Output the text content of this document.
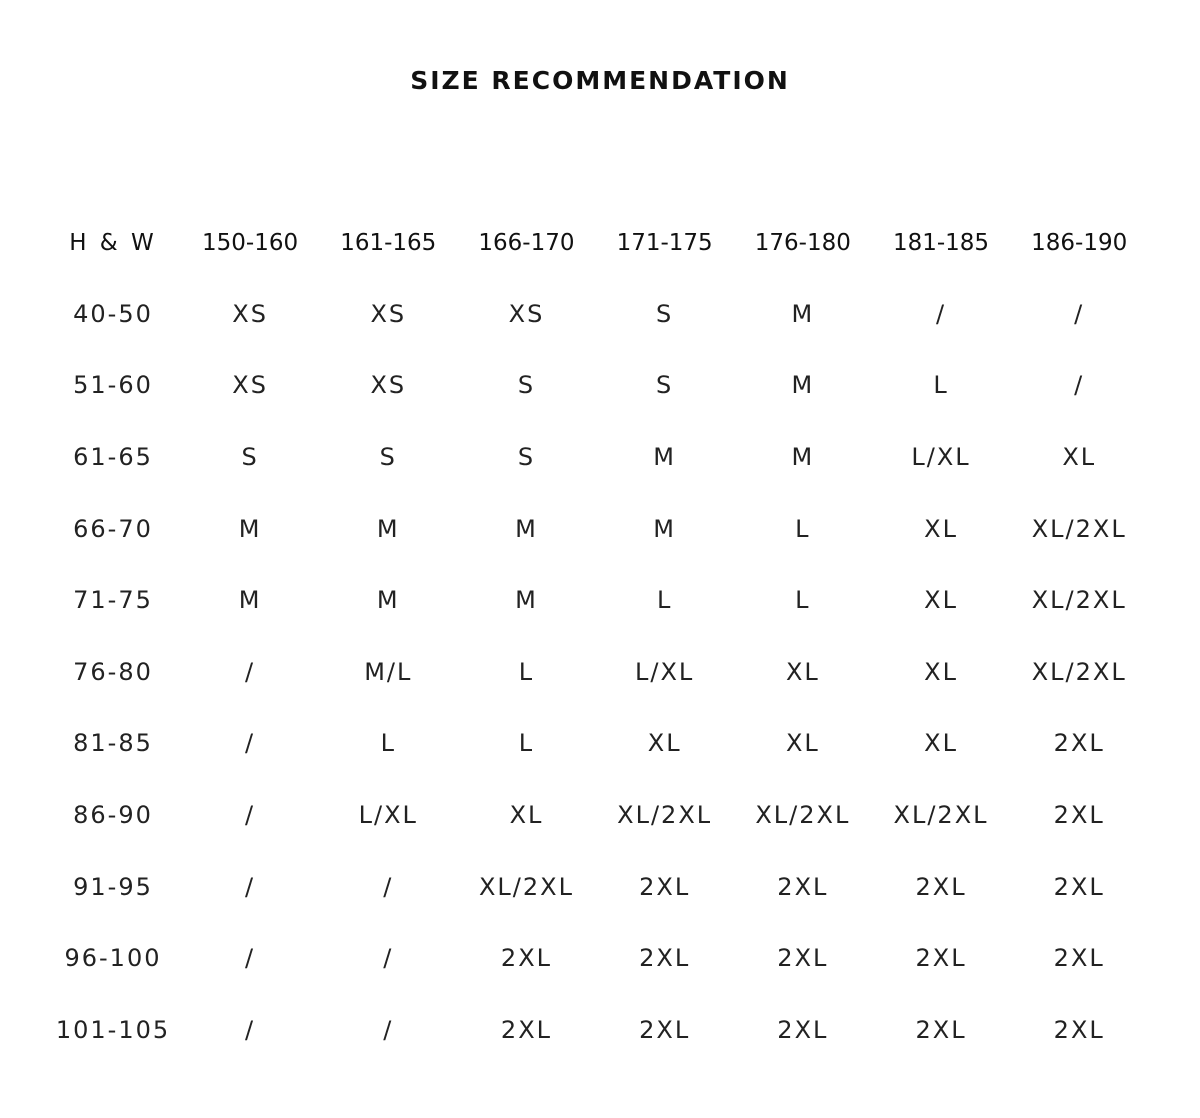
SIZE RECOMMENDATION
H & W	150-160	161-165	166-170	171-175	176-180	181-185	186-190
40-50	XS	XS	XS	S	M	/	/
51-60	XS	XS	S	S	M	L	/
61-65	S	S	S	M	M	L/XL	XL
66-70	M	M	M	M	L	XL	XL/2XL
71-75	M	M	M	L	L	XL	XL/2XL
76-80	/	M/L	L	L/XL	XL	XL	XL/2XL
81-85	/	L	L	XL	XL	XL	2XL
86-90	/	L/XL	XL	XL/2XL	XL/2XL	XL/2XL	2XL
91-95	/	/	XL/2XL	2XL	2XL	2XL	2XL
96-100	/	/	2XL	2XL	2XL	2XL	2XL
101-105	/	/	2XL	2XL	2XL	2XL	2XL
